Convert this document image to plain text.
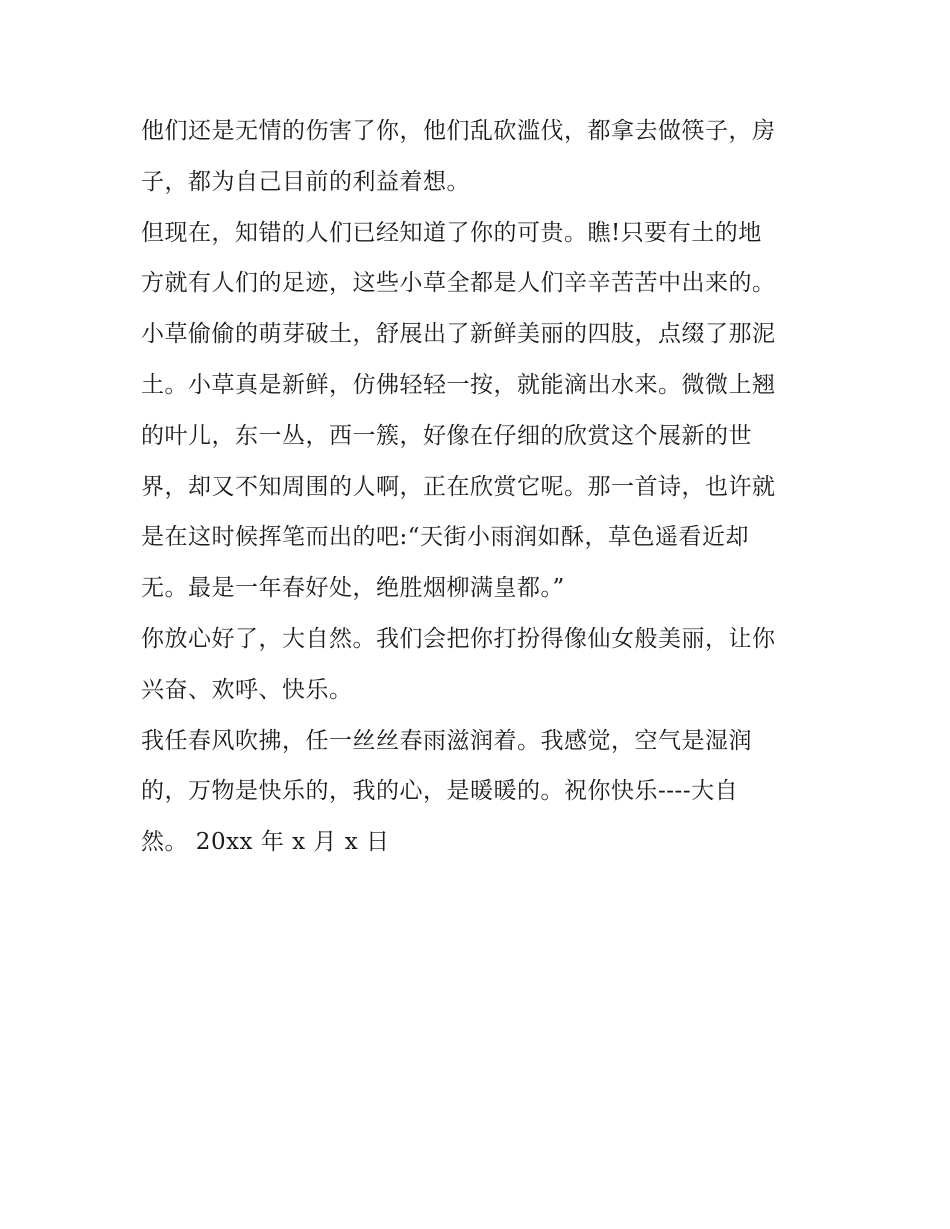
他们还是无情的伤害了你，他们乱砍滥伐，都拿去做筷子，房
子，都为自己目前的利益着想。
但现在，知错的人们已经知道了你的可贵。瞧!只要有土的地
方就有人们的足迹，这些小草全都是人们辛辛苦苦中出来的。
小草偷偷的萌芽破土，舒展出了新鲜美丽的四肢，点缀了那泥
土。小草真是新鲜，仿佛轻轻一按，就能滴出水来。微微上翘
的叶儿，东一丛，西一簇，好像在仔细的欣赏这个展新的世
界，却又不知周围的人啊，正在欣赏它呢。那一首诗，也许就
是在这时候挥笔而出的吧:“天街小雨润如酥，草色遥看近却
无。最是一年春好处，绝胜烟柳满皇都。”
你放心好了，大自然。我们会把你打扮得像仙女般美丽，让你
兴奋、欢呼、快乐。
我任春风吹拂，任一丝丝春雨滋润着。我感觉，空气是湿润
的，万物是快乐的，我的心，是暖暖的。祝你快乐----大自
然。 20xx 年 x 月 x 日
